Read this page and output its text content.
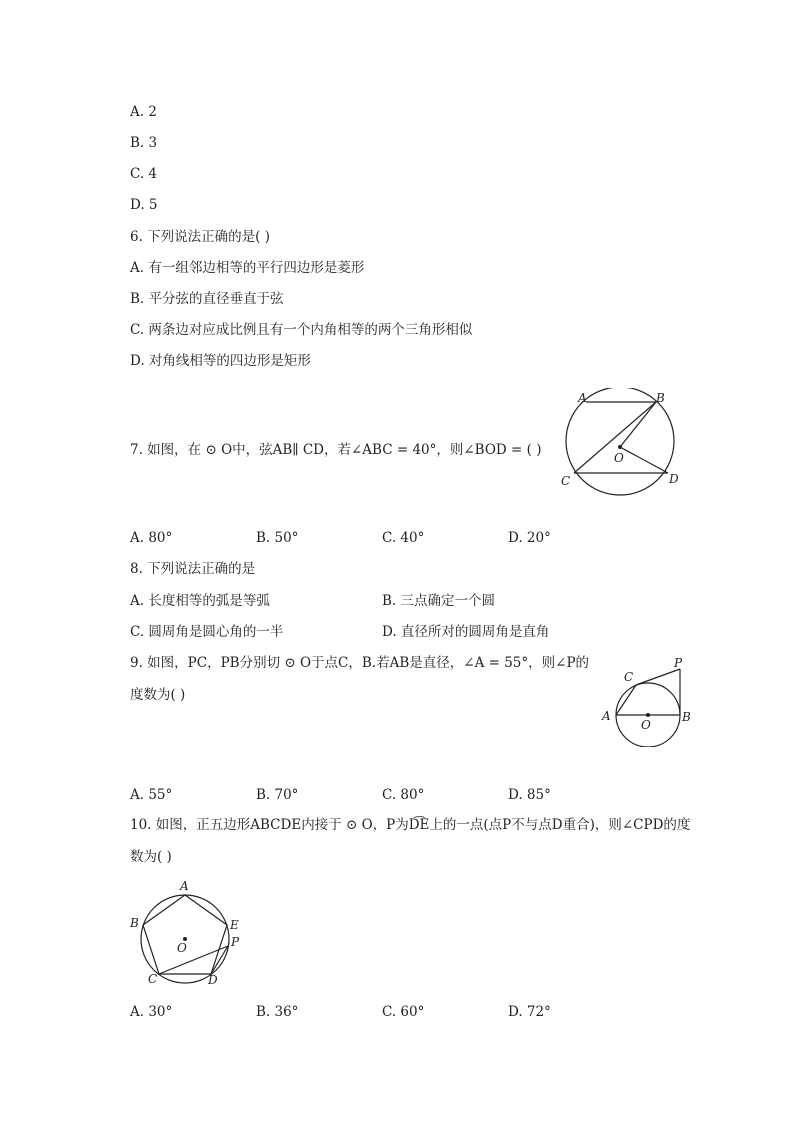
A. 2
B. 3
C. 4
D. 5
6. 下列说法正确的是( )
A. 有一组邻边相等的平行四边形是菱形
B. 平分弦的直径垂直于弦
C. 两条边对应成比例且有一个内角相等的两个三角形相似
D. 对角线相等的四边形是矩形
7. 如图，在 ⊙ O中，弦AB∥ CD，若∠ABC = 40°，则∠BOD = ( )
A	B
O
C	D
A. 80°	B. 50°	C. 40°	D. 20°
8. 下列说法正确的是
A. 长度相等的弧是等弧	B. 三点确定一个圆
C. 圆周角是圆心角的一半	D. 直径所对的圆周角是直角
9. 如图，PC，PB分别切 ⊙ O于点C，B.若AB是直径，∠A = 55°，则∠P的
度数为( )
C
P
A
O
B
A. 55°	B. 70°	C. 80°	D. 85°
10. 如图，正五边形ABCDE内接于 ⊙ O，P为D͡E上的一点(点P不与点D重合)，则∠CPD的度
数为( )
A
B	E
P
O
C	D
A. 30°	B. 36°	C. 60°	D. 72°
